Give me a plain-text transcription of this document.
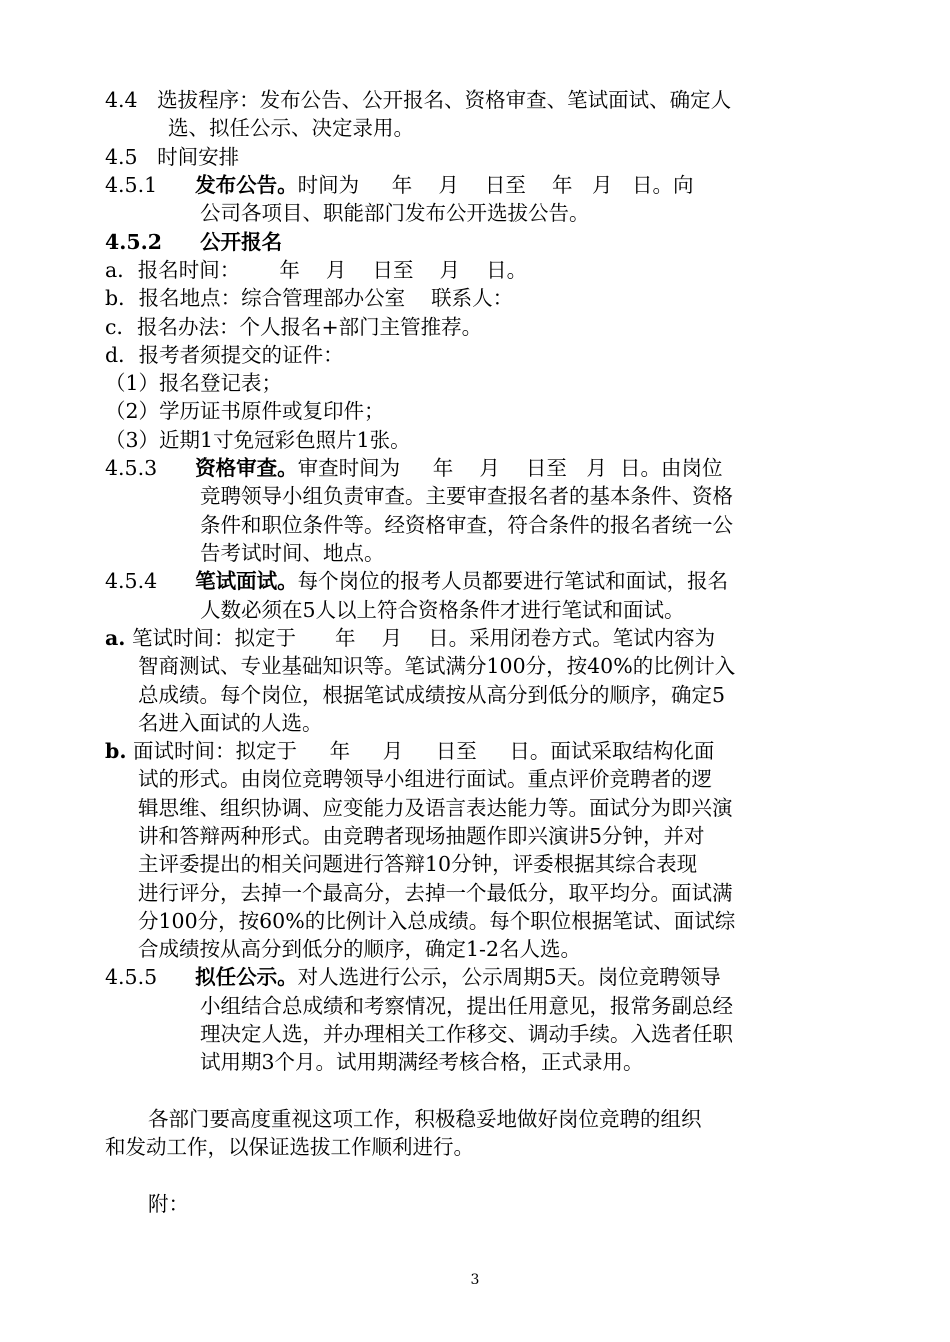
4.4   选拔程序：发布公告、公开报名、资格审查、笔试面试、确定人
选、拟任公示、决定录用。
4.5   时间安排
4.5.1 发布公告。时间为     年    月    日至    年   月   日。向
公司各项目、职能部门发布公开选拔公告。
4.5.2 公开报名
a．报名时间：      年    月    日至    月    日。
b．报名地点：综合管理部办公室    联系人：
c．报名办法：个人报名+部门主管推荐。
d．报考者须提交的证件：
（1）报名登记表；
（2）学历证书原件或复印件；
（3）近期1寸免冠彩色照片1张。
4.5.3 资格审查。审查时间为     年    月    日至   月  日。由岗位
竞聘领导小组负责审查。主要审查报名者的基本条件、资格
条件和职位条件等。经资格审查，符合条件的报名者统一公
告考试时间、地点。
4.5.4 笔试面试。每个岗位的报考人员都要进行笔试和面试，报名
人数必须在5人以上符合资格条件才进行笔试和面试。
a. 笔试时间：拟定于      年    月    日。采用闭卷方式。笔试内容为
智商测试、专业基础知识等。笔试满分100分，按40%的比例计入
总成绩。每个岗位，根据笔试成绩按从高分到低分的顺序，确定5
名进入面试的人选。
b. 面试时间：拟定于     年     月     日至     日。面试采取结构化面
试的形式。由岗位竞聘领导小组进行面试。重点评价竞聘者的逻
辑思维、组织协调、应变能力及语言表达能力等。面试分为即兴演
讲和答辩两种形式。由竞聘者现场抽题作即兴演讲5分钟，并对
主评委提出的相关问题进行答辩10分钟，评委根据其综合表现
进行评分，去掉一个最高分，去掉一个最低分，取平均分。面试满
分100分，按60%的比例计入总成绩。每个职位根据笔试、面试综
合成绩按从高分到低分的顺序，确定1-2名人选。
4.5.5 拟任公示。对人选进行公示，公示周期5天。岗位竞聘领导
小组结合总成绩和考察情况，提出任用意见，报常务副总经
理决定人选，并办理相关工作移交、调动手续。入选者任职
试用期3个月。试用期满经考核合格，正式录用。
各部门要高度重视这项工作，积极稳妥地做好岗位竞聘的组织
和发动工作，以保证选拔工作顺利进行。
附：
3
